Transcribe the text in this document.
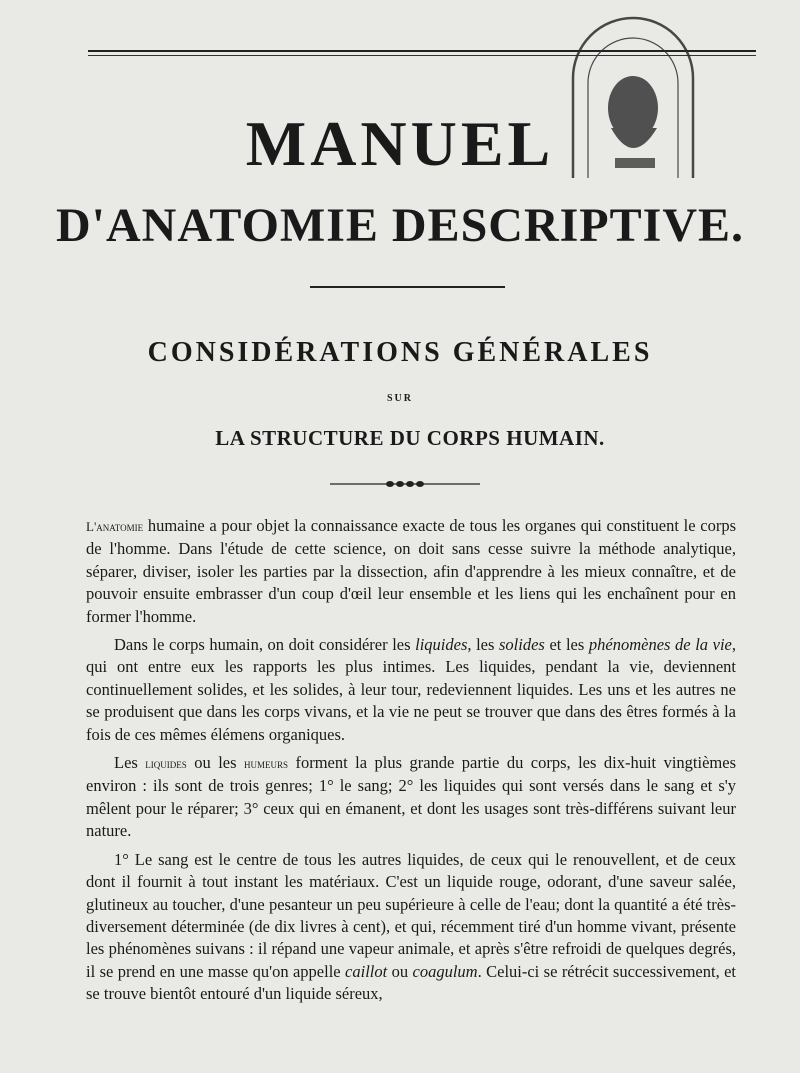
MANUEL
D'ANATOMIE DESCRIPTIVE.
CONSIDÉRATIONS GÉNÉRALES
SUR
LA STRUCTURE DU CORPS HUMAIN.

L'anatomie humaine a pour objet la connaissance exacte de tous les organes qui constituent le corps de l'homme. Dans l'étude de cette science, on doit sans cesse suivre la méthode analytique, séparer, diviser, isoler les parties par la dissection, afin d'apprendre à les mieux connaître, et de pouvoir ensuite embrasser d'un coup d'œil leur ensemble et les liens qui les enchaînent pour en former l'homme.

Dans le corps humain, on doit considérer les liquides, les solides et les phénomènes de la vie, qui ont entre eux les rapports les plus intimes. Les liquides, pendant la vie, deviennent continuellement solides, et les solides, à leur tour, redeviennent liquides. Les uns et les autres ne se produisent que dans les corps vivans, et la vie ne peut se trouver que dans des êtres formés à la fois de ces mêmes élémens organiques.

Les liquides ou les humeurs forment la plus grande partie du corps, les dix-huit vingtièmes environ : ils sont de trois genres; 1° le sang; 2° les liquides qui sont versés dans le sang et s'y mêlent pour le réparer; 3° ceux qui en émanent, et dont les usages sont très-différens suivant leur nature.

1° Le sang est le centre de tous les autres liquides, de ceux qui le renouvellent, et de ceux dont il fournit à tout instant les matériaux. C'est un liquide rouge, odorant, d'une saveur salée, glutineux au toucher, d'une pesanteur un peu supérieure à celle de l'eau; dont la quantité a été très-diversement déterminée (de dix livres à cent), et qui, récemment tiré d'un homme vivant, présente les phénomènes suivans : il répand une vapeur animale, et après s'être refroidi de quelques degrés, il se prend en une masse qu'on appelle caillot ou coagulum. Celui-ci se rétrécit successivement, et se trouve bientôt entouré d'un liquide séreux,
